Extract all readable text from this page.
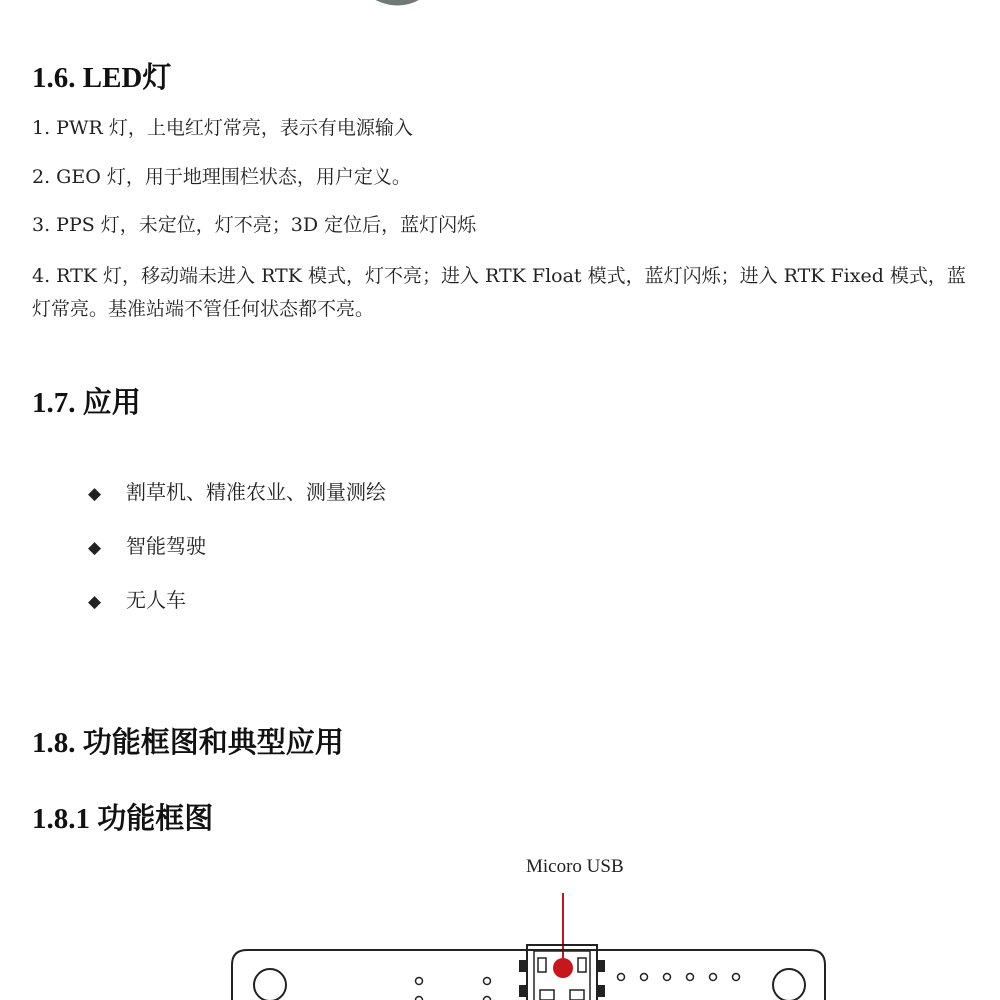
1.6. LED灯

1. PWR 灯，上电红灯常亮，表示有电源输入

2. GEO 灯，用于地理围栏状态，用户定义。

3. PPS 灯，未定位，灯不亮；3D 定位后，蓝灯闪烁

4. RTK 灯，移动端未进入 RTK 模式，灯不亮；进入 RTK Float 模式，蓝灯闪烁；进入 RTK Fixed 模式，蓝灯常亮。基准站端不管任何状态都不亮。

1.7. 应用

◆ 割草机、精准农业、测量测绘

◆ 智能驾驶

◆ 无人车

1.8. 功能框图和典型应用
1.8.1 功能框图

Micoro USB
